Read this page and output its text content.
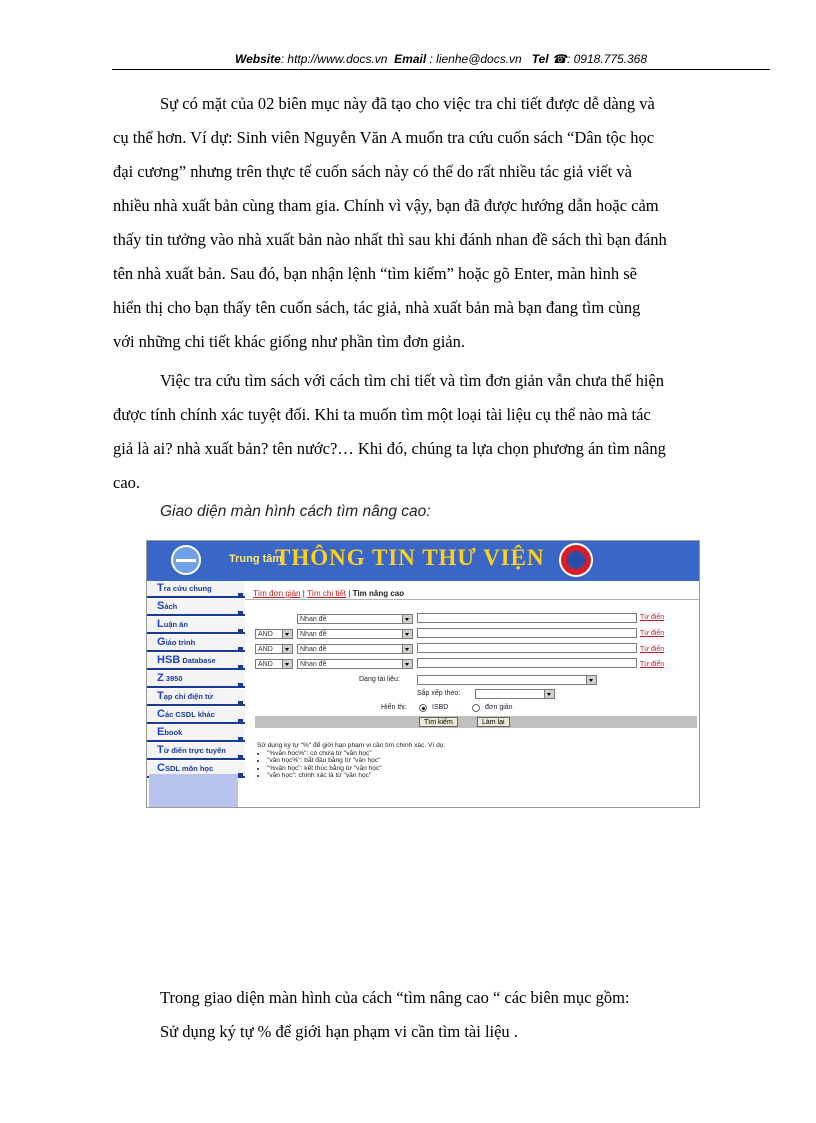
Website: http://www.docs.vn Email : lienhe@docs.vn Tel ☎: 0918.775.368
Sự có mặt của 02 biên mục này đã tạo cho việc tra chi tiết được dễ dàng và
cụ thể hơn. Ví dự: Sinh viên Nguyễn Văn A muốn tra cứu cuốn sách “Dân tộc học
đại cương” nhưng trên thực tế cuốn sách này có thể do rất nhiều tác giả viết và
nhiều nhà xuất bản cùng tham gia. Chính vì vậy, bạn đã được hướng dẫn hoặc cảm
thấy tin tưởng vào nhà xuất bản nào nhất thì sau khi đánh nhan đề sách thì bạn đánh
tên nhà xuất bản. Sau đó, bạn nhận lệnh “tìm kiếm” hoặc gõ Enter, màn hình sẽ
hiển thị cho bạn thấy tên cuốn sách, tác giả, nhà xuất bản mà bạn đang tìm cùng
với những chi tiết khác giống như phần tìm đơn giản.
Việc tra cứu tìm sách với cách tìm chi tiết và tìm đơn giản vẫn chưa thể hiện
được tính chính xác tuyệt đối. Khi ta muốn tìm một loại tài liệu cụ thể nào mà tác
giả là ai? nhà xuất bản? tên nước?… Khi đó, chúng ta lựa chọn phương án tìm nâng
cao.
Giao diện màn hình cách tìm nâng cao:
Trung tâm
THÔNG TIN THƯ VIỆN
Tra cứu chung
Sách
Luận án
Giáo trình
HSB Database
Z 3950
Tạp chí điện tử
Các CSDL khác
Ebook
Từ điển trực tuyến
CSDL môn học
Tìm đơn giản | Tìm chi tiết | Tìm nâng cao
Nhan đề	Từ điển
AND	Nhan đề	Từ điển
AND	Nhan đề	Từ điển
AND	Nhan đề	Từ điển
Dạng tài liệu:
Sắp xếp theo:
Hiển thị:	ISBD	đơn giản
Tìm kiếm	Làm lại
Sử dụng ký tự "%" để giới hạn phạm vi cần tìm chính xác. Ví dụ:
• "%văn học%": có chứa từ "văn học"
• "văn học%": bắt đầu bằng từ "văn học"
• "%văn học": kết thúc bằng từ "văn học"
• "văn học": chính xác là từ "văn học"
Trong giao diện màn hình của cách “tìm nâng cao “ các biên mục gồm:
Sử dụng ký tự % để giới hạn phạm vi cần tìm tài liệu .
